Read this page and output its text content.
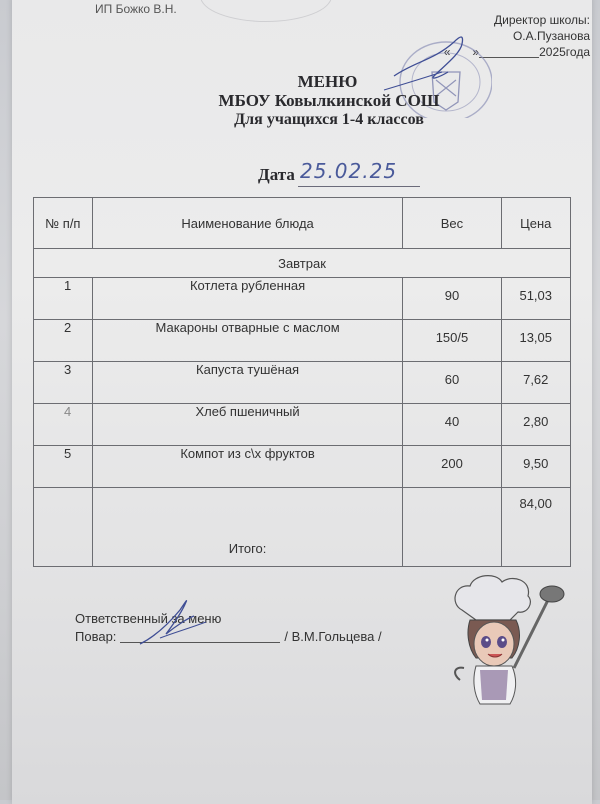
ИП Божко В.Н.
Директор школы:
О.А.Пузанова
« »	2025года
МЕНЮ
МБОУ Ковылкинской СОШ
Для учащихся 1-4 классов
Дата 25.02.25
№ п/п	Наименование блюда	Вес	Цена
Завтрак			
1	Котлета рубленная	90	51,03
2	Макароны отварные с маслом	150/5	13,05
3	Капуста тушёная	60	7,62
4	Хлеб пшеничный	40	2,80
5	Компот из с\х фруктов	200	9,50
	Итого:		84,00
Ответственный за меню
Повар:	/ В.М.Гольцева /
